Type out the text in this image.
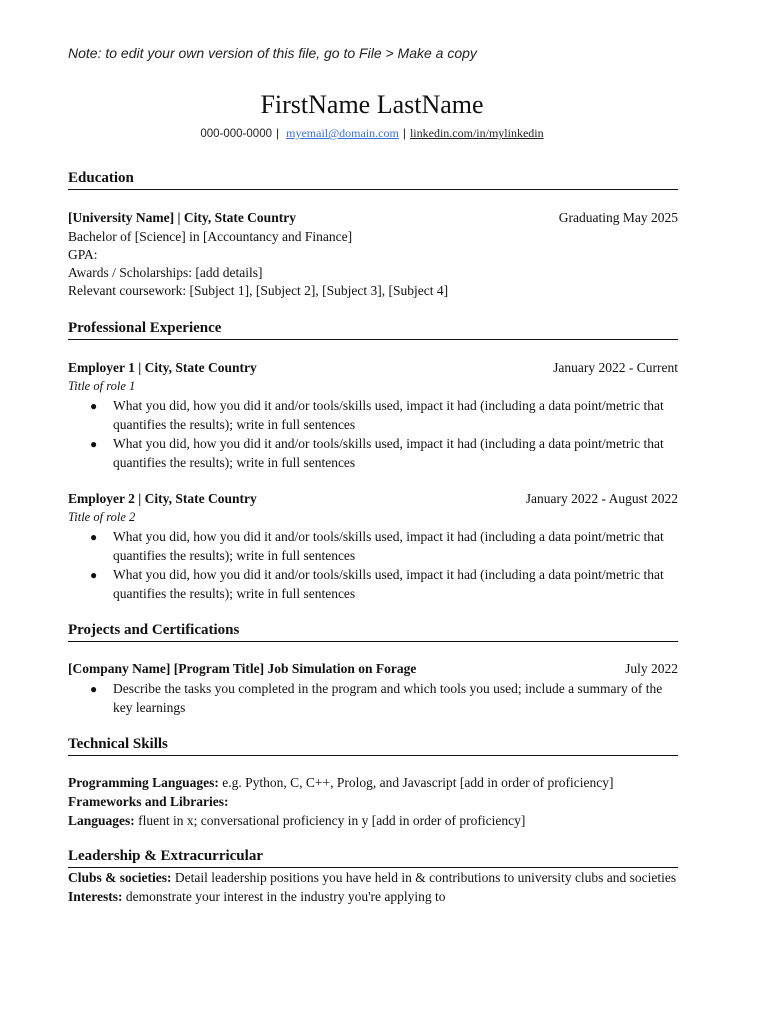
Note: to edit your own version of this file, go to File > Make a copy
FirstName LastName
000-000-0000 | myemail@domain.com | linkedin.com/in/mylinkedin
Education
[University Name] | City, State Country	Graduating May 2025
Bachelor of [Science] in [Accountancy and Finance]
GPA:
Awards / Scholarships: [add details]
Relevant coursework: [Subject 1], [Subject 2], [Subject 3], [Subject 4]
Professional Experience
Employer 1 | City, State Country	January 2022 - Current
Title of role 1
● What you did, how you did it and/or tools/skills used, impact it had (including a data point/metric that quantifies the results); write in full sentences
● What you did, how you did it and/or tools/skills used, impact it had (including a data point/metric that quantifies the results); write in full sentences
Employer 2 | City, State Country	January 2022 - August 2022
Title of role 2
● What you did, how you did it and/or tools/skills used, impact it had (including a data point/metric that quantifies the results); write in full sentences
● What you did, how you did it and/or tools/skills used, impact it had (including a data point/metric that quantifies the results); write in full sentences
Projects and Certifications
[Company Name] [Program Title] Job Simulation on Forage	July 2022
● Describe the tasks you completed in the program and which tools you used; include a summary of the key learnings
Technical Skills
Programming Languages: e.g. Python, C, C++, Prolog, and Javascript [add in order of proficiency]
Frameworks and Libraries:
Languages: fluent in x; conversational proficiency in y [add in order of proficiency]
Leadership & Extracurricular
Clubs & societies: Detail leadership positions you have held in & contributions to university clubs and societies
Interests: demonstrate your interest in the industry you're applying to
